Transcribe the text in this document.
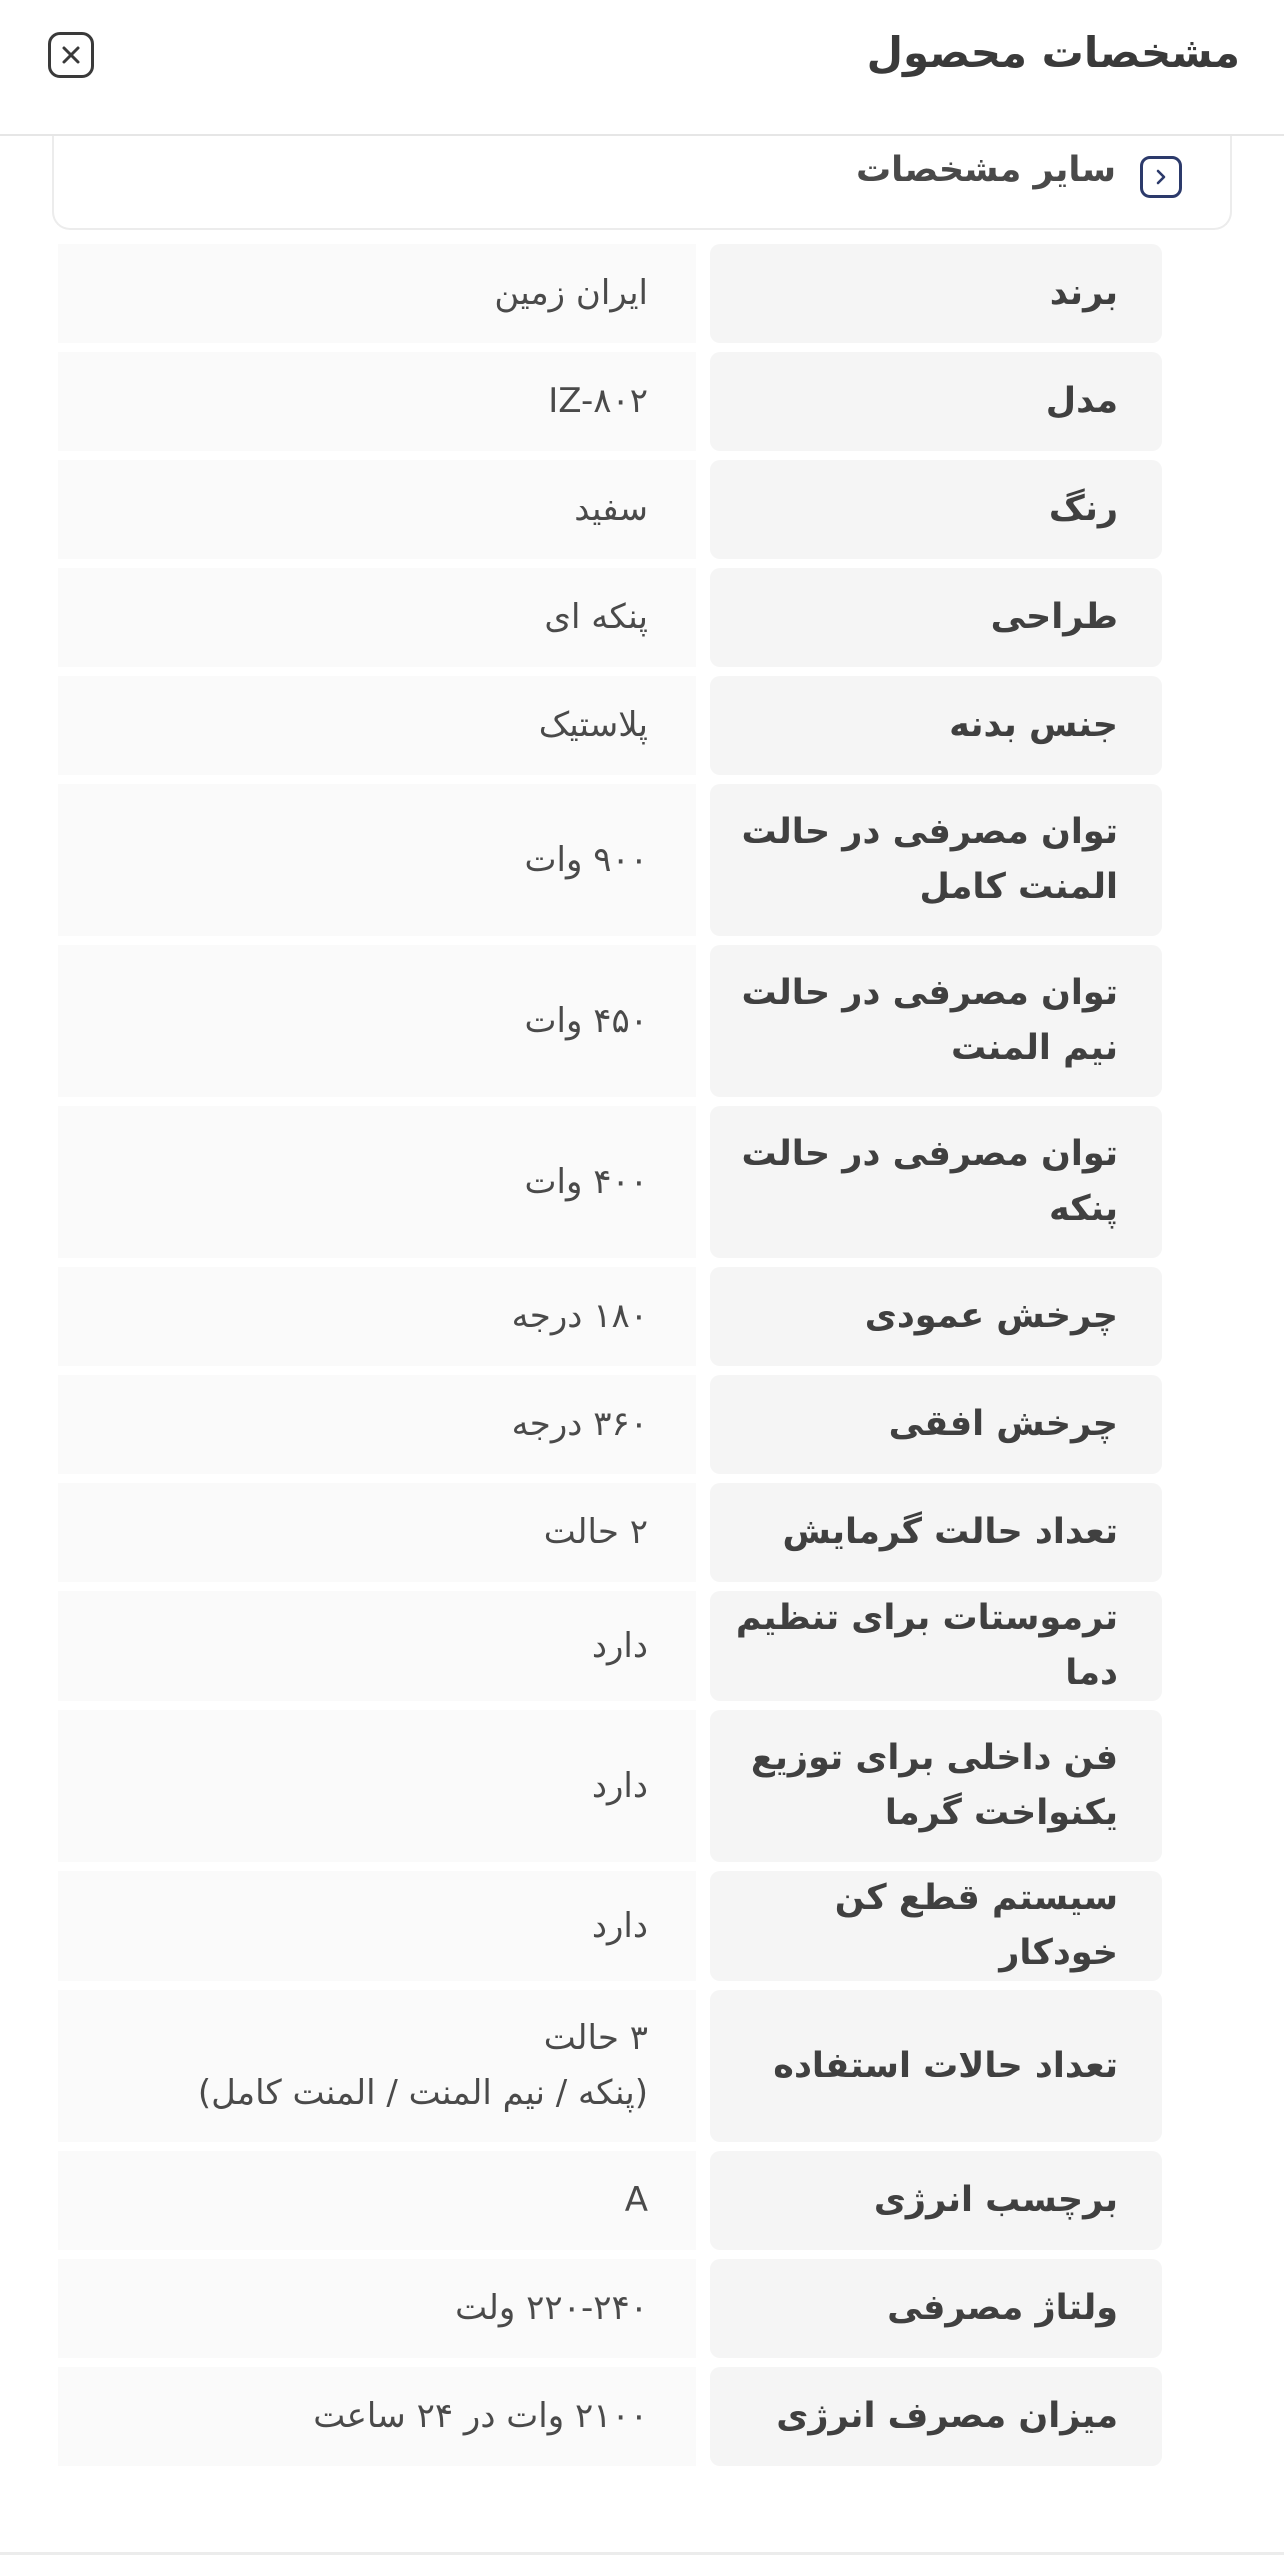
مشخصات محصول
سایر مشخصات
برند
ایران زمین
مدل
IZ-۸۰۲
رنگ
سفید
طراحی
پنکه ای
جنس بدنه
پلاستیک
توان مصرفی در حالت المنت کامل
۹۰۰ وات
توان مصرفی در حالت نیم المنت
۴۵۰ وات
توان مصرفی در حالت پنکه
۴۰۰ وات
چرخش عمودی
۱۸۰ درجه
چرخش افقی
۳۶۰ درجه
تعداد حالت گرمایش
۲ حالت
ترموستات برای تنظیم دما
دارد
فن داخلی برای توزیع یکنواخت گرما
دارد
سیستم قطع کن خودکار
دارد
تعداد حالات استفاده
۳ حالت
(پنکه / نیم المنت / المنت کامل)
برچسب انرژی
A
ولتاژ مصرفی
۲۲۰-۲۴۰ ولت
میزان مصرف انرژی
۲۱۰۰ وات در ۲۴ ساعت
